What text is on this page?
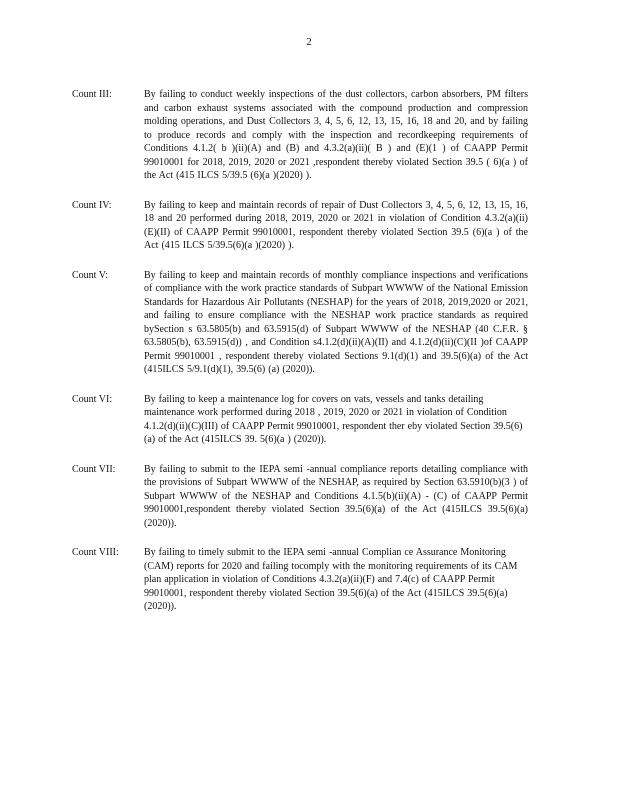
2
Count III:	By failing to conduct weekly inspections of the dust collectors, carbon absorbers, PM filters and carbon exhaust systems associated with the compound production and compression molding operations, and Dust Collectors 3, 4, 5, 6, 12, 13, 15, 16, 18 and 20, and by failing to produce records and comply with the inspection and recordkeeping requirements of Conditions 4.1.2( b )(ii)(A) and (B) and 4.3.2(a)(ii)( B ) and (E)(1 ) of CAAPP Permit 99010001 for 2018, 2019, 2020 or 2021 ,respondent thereby violated Section 39.5 ( 6)(a ) of the Act (415 ILCS 5/39.5 (6)(a )(2020) ).
Count IV:	By failing to keep and maintain records of repair of Dust Collectors 3, 4, 5, 6, 12, 13, 15, 16, 18 and 20 performed during 2018, 2019, 2020 or 2021 in violation of Condition 4.3.2(a)(ii)(E)(II) of CAAPP Permit 99010001, respondent thereby violated Section 39.5 (6)(a ) of the Act (415 ILCS 5/39.5(6)(a )(2020) ).
Count V:	By failing to keep and maintain records of monthly compliance inspections and verifications of compliance with the work practice standards of Subpart WWWW of the National Emission Standards for Hazardous Air Pollutants (NESHAP) for the years of 2018, 2019,2020 or 2021, and failing to ensure compliance with the NESHAP work practice standards as required bySection s 63.5805(b) and 63.5915(d) of Subpart WWWW of the NESHAP (40 C.F.R. § 63.5805(b), 63.5915(d)) , and Condition s4.1.2(d)(ii)(A)(II) and 4.1.2(d)(ii)(C)(II )of CAAPP Permit 99010001 , respondent thereby violated Sections 9.1(d)(1) and 39.5(6)(a) of the Act (415ILCS 5/9.1(d)(1), 39.5(6) (a) (2020)).
Count VI:	By failing to keep a maintenance log for covers on vats, vessels and tanks detailing maintenance work performed during 2018 , 2019, 2020 or 2021 in violation of Condition 4.1.2(d)(ii)(C)(III) of CAAPP Permit 99010001, respondent ther eby violated Section 39.5(6)(a) of the Act (415ILCS 39. 5(6)(a ) (2020)).
Count VII:	By failing to submit to the IEPA semi -annual compliance reports detailing compliance with the provisions of Subpart WWWW of the NESHAP, as required by Section 63.5910(b)(3 ) of Subpart WWWW of the NESHAP and Conditions 4.1.5(b)(ii)(A) - (C) of CAAPP Permit 99010001,respondent thereby violated Section 39.5(6)(a) of the Act (415ILCS 39.5(6)(a) (2020)).
Count VIII:	By failing to timely submit to the IEPA semi -annual Complian ce Assurance Monitoring (CAM) reports for 2020 and failing tocomply with the monitoring requirements of its CAM plan application in violation of Conditions 4.3.2(a)(ii)(F) and 7.4(c) of CAAPP Permit 99010001, respondent thereby violated Section 39.5(6)(a) of the Act (415ILCS 39.5(6)(a) (2020)).
